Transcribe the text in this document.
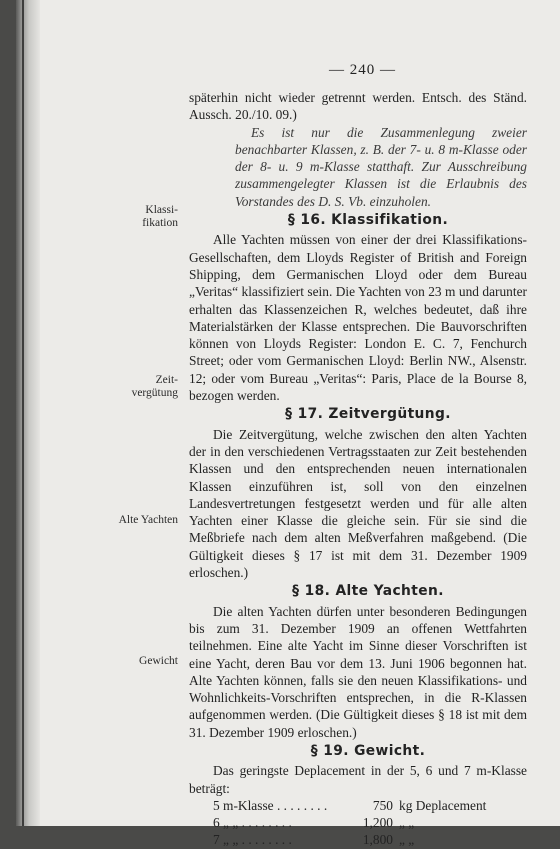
— 240 —
Klassi-
fikation
Zeit-
vergütung
Alte Yachten
Gewicht

späterhin nicht wieder getrennt werden. Entsch. des Ständ. Aussch. 20./10. 09.)

Es ist nur die Zusammenlegung zweier benachbarter Klassen, z. B. der 7- u. 8 m-Klasse oder der 8- u. 9 m-Klasse statthaft. Zur Ausschreibung zusammengelegter Klassen ist die Erlaubnis des Vorstandes des D. S. Vb. einzuholen.

§ 16. Klassifikation.

Alle Yachten müssen von einer der drei Klassifikations-Gesellschaften, dem Lloyds Register of British and Foreign Shipping, dem Germanischen Lloyd oder dem Bureau „Veritas“ klassifiziert sein. Die Yachten von 23 m und darunter erhalten das Klassenzeichen R, welches bedeutet, daß ihre Materialstärken der Klasse entsprechen. Die Bauvorschriften können von Lloyds Register: London E. C. 7, Fenchurch Street; oder vom Germanischen Lloyd: Berlin NW., Alsenstr. 12; oder vom Bureau „Veritas“: Paris, Place de la Bourse 8, bezogen werden.

§ 17. Zeitvergütung.

Die Zeitvergütung, welche zwischen den alten Yachten der in den verschiedenen Vertragsstaaten zur Zeit bestehenden Klassen und den entsprechenden neuen internationalen Klassen einzuführen ist, soll von den einzelnen Landesvertretungen festgesetzt werden und für alle alten Yachten einer Klasse die gleiche sein. Für sie sind die Meßbriefe nach dem alten Meßverfahren maßgebend. (Die Gültigkeit dieses § 17 ist mit dem 31. Dezember 1909 erloschen.)

§ 18. Alte Yachten.

Die alten Yachten dürfen unter besonderen Bedingungen bis zum 31. Dezember 1909 an offenen Wettfahrten teilnehmen. Eine alte Yacht im Sinne dieser Vorschriften ist eine Yacht, deren Bau vor dem 13. Juni 1906 begonnen hat. Alte Yachten können, falls sie den neuen Klassifikations- und Wohnlichkeits-Vorschriften entsprechen, in die R-Klassen aufgenommen werden. (Die Gültigkeit dieses § 18 ist mit dem 31. Dezember 1909 erloschen.)

§ 19. Gewicht.

Das geringste Deplacement in der 5, 6 und 7 m-Klasse beträgt:

5 m-Klasse . . . . . . . .	750	kg Deplacement
6 „ „ . . . . . . . .	1,200	„ „
7 „ „ . . . . . . . .	1,800	„ „
